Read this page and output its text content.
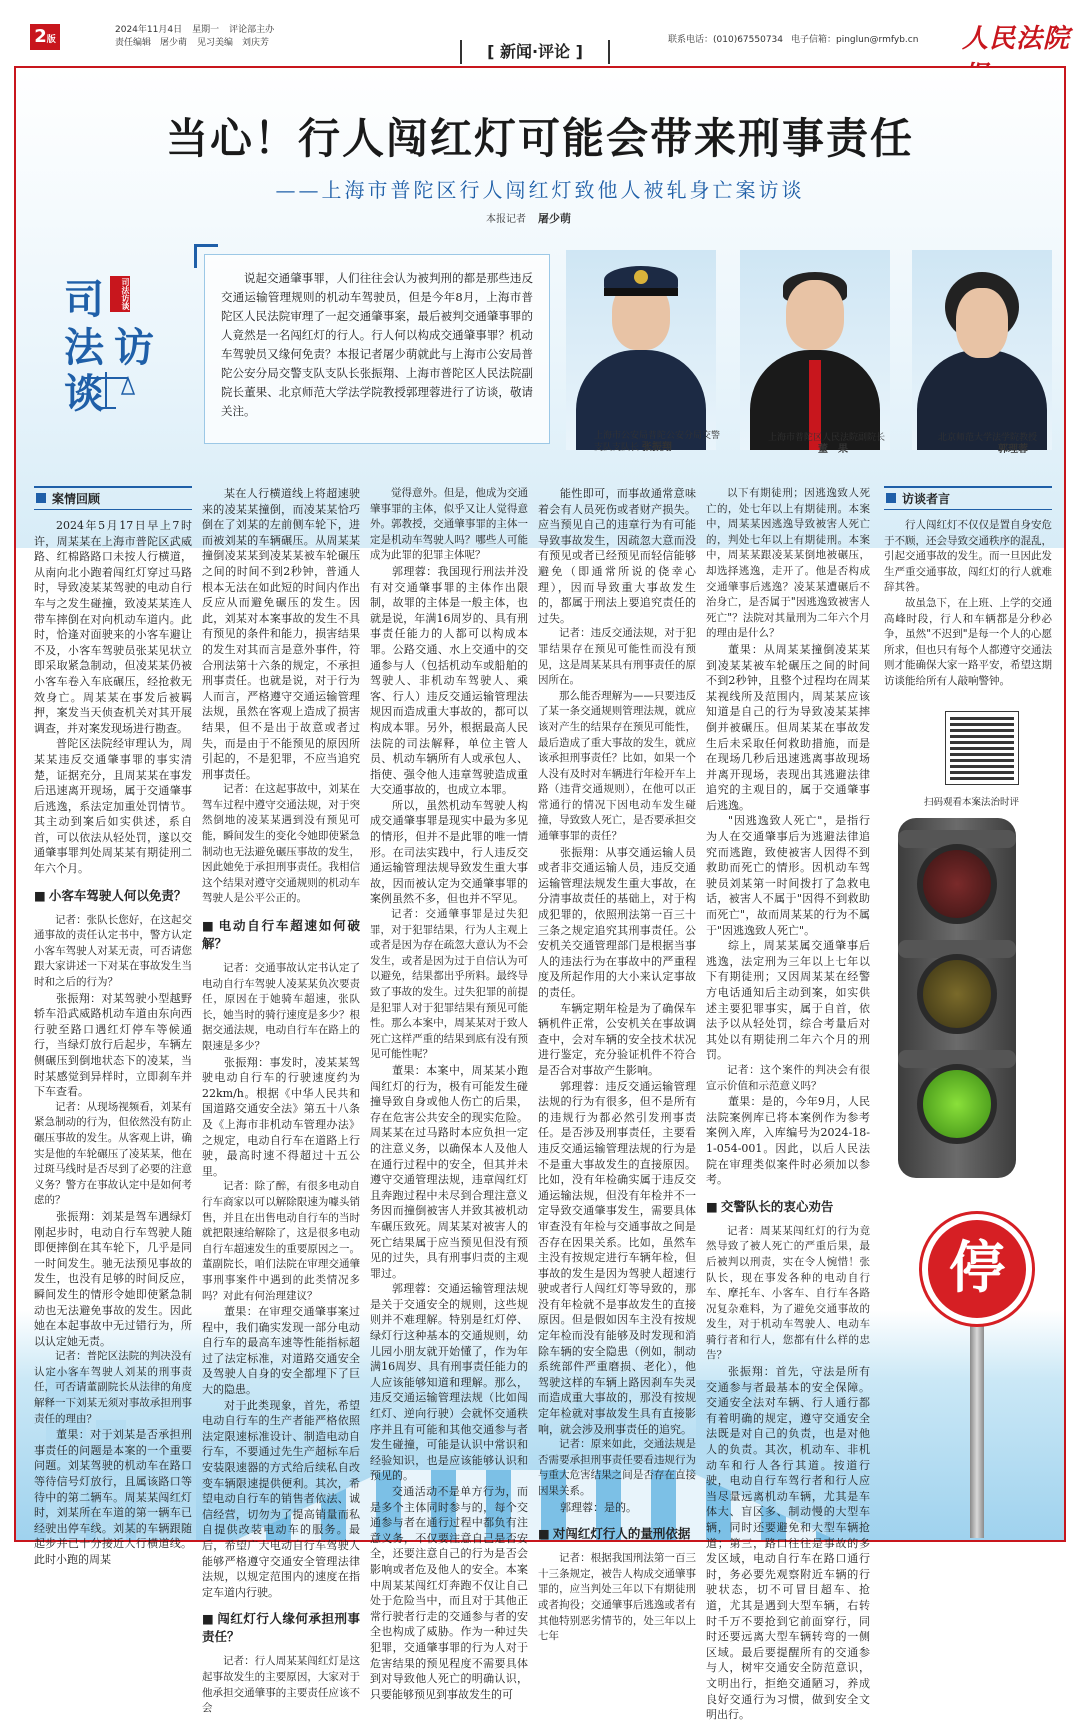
2版
2024年11月4日 星期一 评论部主办
责任编辑　屠少萌 见习美编　刘庆芳	联系电话：(010)67550734 电子信箱：pinglun@rmfyb.cn	人民法院
[ 新闻·评论 ]
当心！行人闯红灯可能会带来刑事责任
——上海市普陀区行人闯红灯致他人被轧身亡案访谈
本报记者 屠少萌
司	司法访谈
法 访
谈
说起交通肇事罪，人们往往会认为被判刑的都是那些违反交通运输管理规则的机动车驾驶员，但是今年8月，上海市普陀区人民法院审理了一起交通肇事案，最后被判交通肇事罪的人竟然是一名闯红灯的行人。行人何以构成交通肇事罪？机动车驾驶员又缘何免责？本报记者屠少萌就此与上海市公安局普陀公安分局交警支队支队长张振翔、上海市普陀区人民法院副院长董果、北京师范大学法学院教授郭理蓉进行了访谈，敬请关注。
上海市公安局普陀公安分局交警支队支队长 张振翔
上海市普陀区人民法院副院长
董　果
北京师范大学法学院教授
郭理蓉
案情回顾

2024年5月17日早上7时许，周某某在上海市普陀区武威路、红棉路路口未按人行横道，从南向北小跑着闯红灯穿过马路时，导致凌某某驾驶的电动自行车与之发生碰撞，致凌某某连人带车摔倒在对向机动车道内。此时，恰逢对面驶来的小客车避让不及，小客车驾驶员张某见状立即采取紧急制动，但凌某某仍被小客车卷入车底碾压，经抢救无效身亡。周某某在事发后被羁押，案发当天侦查机关对其开展调查，并对案发现场进行勘查。

普陀区法院经审理认为，周某某违反交通肇事罪的事实清楚，证据充分，且周某某在事发后迅速离开现场，属于交通肇事后逃逸，系法定加重处罚情节。其主动到案后如实供述，系自首，可以依法从轻处罚，遂以交通肇事罪判处周某某有期徒刑二年六个月。

■ 小客车驾驶人何以免责？

记者：张队长您好，在这起交通事故的责任认定书中，警方认定小客车驾驶人对某无责，可否请您跟大家讲述一下对某在事故发生当时和之后的行为？

张振翔：对某驾驶小型越野轿车沿武威路机动车道由东向西行驶至路口遇红灯停车等候通行，当绿灯放行后起步，车辆左侧碾压到倒地状态下的凌某，当时某感觉到异样时，立即刹车并下车查看。

记者：从现场视频看，刘某有紧急制动的行为，但依然没有防止碾压事故的发生。从客观上讲，确实是他的车轮碾压了凌某某，他在过斑马线时是否尽到了必要的注意义务？警方在事故认定中是如何考虑的？

张振翔：刘某是驾车遇绿灯刚起步时，电动自行车驾驶人随即便摔倒在其车轮下，几乎是同一时间发生。驰无法预见事故的发生，也没有足够的时间反应，瞬间发生的情形令她即使紧急制动也无法避免事故的发生。因此她在本起事故中无过错行为，所以认定她无责。

记者：普陀区法院的判决没有认定小客车驾驶人刘某的刑事责任，可否请董副院长从法律的角度解释一下刘某无须对事故承担刑事责任的理由？

董果：对于刘某是否承担刑事责任的问题是本案的一个重要问题。刘某驾驶的机动车在路口等待信号灯放行，且属该路口等待中的第二辆车。周某某闯红灯时，刘某所在车道的第一辆车已经驶出停车线。刘某的车辆跟随起步并已十分接近人行横道线。此时小跑的周某

某在人行横道线上将超速驶来的凌某某撞倒，而凌某某恰巧倒在了刘某的左前侧车轮下，进而被刘某的车辆碾压。从周某某撞倒凌某某到凌某某被车轮碾压之间的时间不到2秒钟，普通人根本无法在如此短的时间内作出反应从而避免碾压的发生。因此，刘某对本案事故的发生不具有预见的条件和能力，损害结果的发生对其而言是意外事件，符合刑法第十六条的规定，不承担刑事责任。也就是说，对于行为人而言，严格遵守交通运输管理法规，虽然在客观上造成了损害结果，但不是出于故意或者过失，而是由于不能预见的原因所引起的，不是犯罪，不应当追究刑事责任。

记者：在这起事故中，刘某在驾车过程中遵守交通法规，对于突然倒地的凌某某遇到没有预见可能，瞬间发生的变化令她即使紧急制动也无法避免碾压事故的发生，因此她免于承担刑事责任。我相信这个结果对遵守交通规则的机动车驾驶人是公平公正的。

■ 电动自行车超速如何破解？

记者：交通事故认定书认定了电动自行车驾驶人凌某某负次要责任，原因在于她骑车超速，张队长，她当时的骑行速度是多少？根据交通法规，电动自行车在路上的限速是多少？

张振翔：事发时，凌某某驾驶电动自行车的行驶速度约为22km/h。根据《中华人民共和国道路交通安全法》第五十八条及《上海市非机动车管理办法》之规定，电动自行车在道路上行驶，最高时速不得超过十五公里。

记者：除了醉，有很多电动自行车商家以可以解除限速为噱头销售，并且在出售电动自行车的当时就把限速给解除了，这是很多电动自行车超速发生的重要原因之一。董副院长，咱们法院在审理交通肇事刑事案件中遇到的此类情况多吗？对此有何治理建议？

董果：在审理交通肇事案过程中，我们确实发现一部分电动自行车的最高车速等性能指标超过了法定标准，对道路交通安全及驾驶人自身的安全都埋下了巨大的隐患。

对于此类现象，首先，希望电动自行车的生产者能严格依照法定限速标准设计、制造电动自行车，不要通过先生产超标车后安装限速器的方式给后续私自改变车辆限速提供便利。其次，希望电动自行车的销售者依法、诚信经营，切勿为了提高销量而私自提供改装电动车的服务。最后，希望广大电动自行车驾驶人能够严格遵守交通安全管理法律法规，以规定范围内的速度在指定车道内行驶。

■ 闯红灯行人缘何承担刑事责任？

记者：行人周某某闯红灯是这起事故发生的主要原因，大家对于他承担交通肇事的主要责任应该不会

觉得意外。但是，他成为交通肇事罪的主体，似乎又让人觉得意外。郭教授，交通肇事罪的主体一定是机动车驾驶人吗？哪些人可能成为此罪的犯罪主体呢？

郭理蓉：我国现行刑法并没有对交通肇事罪的主体作出限制，故罪的主体是一般主体，也就是说，年满16周岁的、具有刑事责任能力的人都可以构成本罪。公路交通、水上交通中的交通参与人（包括机动车或船舶的驾驶人、非机动车驾驶人、乘客、行人）违反交通运输管理法规因而造成重大事故的，都可以构成本罪。另外，根据最高人民法院的司法解释，单位主管人员、机动车辆所有人或承包人、指使、强令他人违章驾驶造成重大交通事故的，也成立本罪。

所以，虽然机动车驾驶人构成交通肇事罪是现实中最为多见的情形，但并不是此罪的唯一情形。在司法实践中，行人违反交通运输管理法规导致发生重大事故，因而被认定为交通肇事罪的案例虽然不多，但也并不罕见。

记者：交通肇事罪是过失犯罪，对于犯罪结果，行为人主观上或者是因为存在疏忽大意认为不会发生，或者是因为过于自信认为可以避免，结果都出乎所料。最终导致了事故的发生。过失犯罪的前提是犯罪人对于犯罪结果有预见可能性。那么本案中，周某某对于致人死亡这样严重的结果到底有没有预见可能性呢？

董果：本案中，周某某小跑闯红灯的行为，极有可能发生碰撞导致自身或他人伤亡的后果，存在危害公共安全的现实危险。周某某在过马路时本应负担一定的注意义务，以确保本人及他人在通行过程中的安全，但其并未遵守交通管理法规，违章闯红灯且奔跑过程中未尽到合理注意义务因而撞倒被害人并致其被机动车碾压致死。周某某对被害人的死亡结果属于应当预见但没有预见的过失，具有刑事归责的主观罪过。

郭理蓉：交通运输管理法规是关于交通安全的规则，这些规则并不难理解。特别是红灯停、绿灯行这种基本的交通规则，幼儿园小朋友就开始懂了，作为年满16周岁、具有刑事责任能力的人应该能够知道和理解。那么，违反交通运输管理法规（比如闯红灯、逆向行驶）会就怀交通秩序并且有可能和其他交通参与者发生碰撞，可能是认识中常识和经验知识，也是应该能够认识和预见的。

交通活动不是单方行为，而是多个主体同时参与的，每个交通参与者在通行过程中都负有注意义务，不仅要注意自己是否安全，还要注意自己的行为是否会影响或者危及他人的安全。本案中周某某闯红灯奔跑不仅让自己处于危险当中，而且对于其他正常行驶者行走的交通参与者的安全也构成了威胁。作为一种过失犯罪，交通肇事罪的行为人对于危害结果的预见程度不需要具体到对导致他人死亡的明确认识，只要能够预见到事故发生的可

能性即可，而事故通常意味着会有人员死伤或者财产损失。应当预见自己的违章行为有可能导致事故发生，因疏忽大意而没有预见或者已经预见而轻信能够避免（即通常所说的侥幸心理），因而导致重大事故发生的，都属于刑法上要追究责任的过失。

记者：违反交通法规，对于犯罪结果存在预见可能性而没有预见，这是周某某具有刑事责任的原因所在。

那么能否理解为——只要违反了某一条交通规则管理法规，就应该对产生的结果存在预见可能性，最后造成了重大事故的发生，就应该承担刑事责任？比如，如果一个人没有及时对车辆进行年检开车上路（违背交通规则），在他可以正常通行的情况下因电动车发生碰撞，导致致人死亡，是否要承担交通肇事罪的责任？

张振翔：从事交通运输人员或者非交通运输人员，违反交通运输管理法规发生重大事故，在分清事故责任的基础上，对于构成犯罪的，依照刑法第一百三十三条之规定追究其刑事责任。公安机关交通管理部门是根据当事人的违法行为在事故中的严重程度及所起作用的大小来认定事故的责任。

车辆定期年检是为了确保车辆机件正常，公安机关在事故调查中，会对车辆的安全技术状况进行鉴定，充分验证机件不符合是否合对事故产生影响。

郭理蓉：违反交通运输管理法规的行为有很多，但不是所有的违规行为都必然引发刑事责任。是否涉及刑事责任，主要看违反交通运输管理法规的行为是不是重大事故发生的直接原因。比如，没有年检确实属于违反交通运输法规，但没有年检并不一定导致交通肇事发生，需要具体审查没有年检与交通事故之间是否存在因果关系。比如，虽然车主没有按规定进行车辆年检，但事故的发生是因为驾驶人超速行驶或者行人闯红灯等导致的，那没有年检就不是事故发生的直接原因。但是假如因车主没有按规定年检而没有能够及时发现和消除车辆的安全隐患（例如，制动系统部件严重磨损、老化），他驾驶这样的车辆上路因刹车失灵而造成重大事故的，那没有按规定年检就对事故发生具有直接影响，就会涉及刑事责任的追究。

记者：原来如此，交通法规是否需要承担刑事责任要看违规行为与重大危害结果之间是否存在直接因果关系。

郭理蓉：是的。

■ 对闯红灯行人的量刑依据

记者：根据我国刑法第一百三十三条规定，被告人构成交通肇事罪的，应当判处三年以下有期徒刑或者拘役；交通肇事后逃逸或者有其他特别恶劣情节的，处三年以上七年

以下有期徒刑；因逃逸致人死亡的，处七年以上有期徒刑。本案中，周某某因逃逸导致被害人死亡的，判处七年以上有期徒刑。本案中，周某某跟凌某某倒地被碾压，却选择逃逸，走开了。他是否构成交通肇事后逃逸？凌某某遭碾后不治身亡，是否属于"因逃逸致被害人死亡"？法院对其量刑为二年六个月的理由是什么？

董果：从周某某撞倒凌某某到凌某某被车轮碾压之间的时间不到2秒钟，且整个过程均在周某某视线所及范围内，周某某应该知道是自己的行为导致凌某某摔倒并被碾压。但周某某在事故发生后未采取任何救助措施，而是在现场几秒后迅速逃离事故现场并离开现场，表现出其逃避法律追究的主观目的，属于交通肇事后逃逸。

"因逃逸致人死亡"，是指行为人在交通肇事后为逃避法律追究而逃跑，致使被害人因得不到救助而死亡的情形。因机动车驾驶员刘某第一时间拨打了急救电话，被害人不属于"因得不到救助而死亡"，故而周某某的行为不属于"因逃逸致人死亡"。

综上，周某某属交通肇事后逃逸，法定刑为三年以上七年以下有期徒刑；又因周某某在经警方电话通知后主动到案，如实供述主要犯罪事实，属于自首，依法予以从轻处罚，综合考量后对其处以有期徒刑二年六个月的刑罚。

记者：这个案件的判决会有很宣示价值和示范意义吗？

董果：是的，今年9月，人民法院案例库已将本案例作为参考案例入库，入库编号为2024-18-1-054-001。因此，以后人民法院在审理类似案件时必须加以参考。

■ 交警队长的衷心劝告

记者：周某某闯红灯的行为竟然导致了被人死亡的严重后果，最后被判以刑责，实在令人惋惜！张队长，现在事发各种的电动自行车、摩托车、小客车、自行车各路况复杂难料，为了避免交通事故的发生，对于机动车驾驶人、电动车骑行者和行人，您都有什么样的忠告？

张振翔：首先，守法是所有交通参与者最基本的安全保障。交通安全法对车辆、行人通行都有着明确的规定，遵守交通安全法既是对自己的负责，也是对他人的负责。其次，机动车、非机动车和行人各行其道。按道行驶，电动自行车驾行者和行人应当尽量远离机动车辆，尤其是车体大、盲区多、制动慢的大型车辆，同时还要避免和大型车辆抢道；第三，路口往往是事故的多发区域，电动自行车在路口通行时，务必要先观察附近车辆的行驶状态，切不可冒目超车、抢道，尤其是遇到大型车辆，右转时千万不要抢到它前面穿行，同时还要远离大型车辆转弯的一侧区域。最后要提醒所有的交通参与人，树牢交通安全防范意识，文明出行，拒绝交通陋习，养成良好交通行为习惯，做到安全文明出行。

访谈者言

行人闯红灯不仅仅是置自身安危于不顾，还会导致交通秩序的混乱，引起交通事故的发生。而一旦因此发生严重交通事故，闯红灯的行人就难辞其咎。

故虽急下，在上班、上学的交通高峰时段，行人和车辆都是分秒必争，虽然"不迟到"是每一个人的心愿所求，但也只有每个人都遵守交通法则才能确保大家一路平安，希望这期访谈能给所有人敲响警钟。

扫码观看本案法治时评
停
